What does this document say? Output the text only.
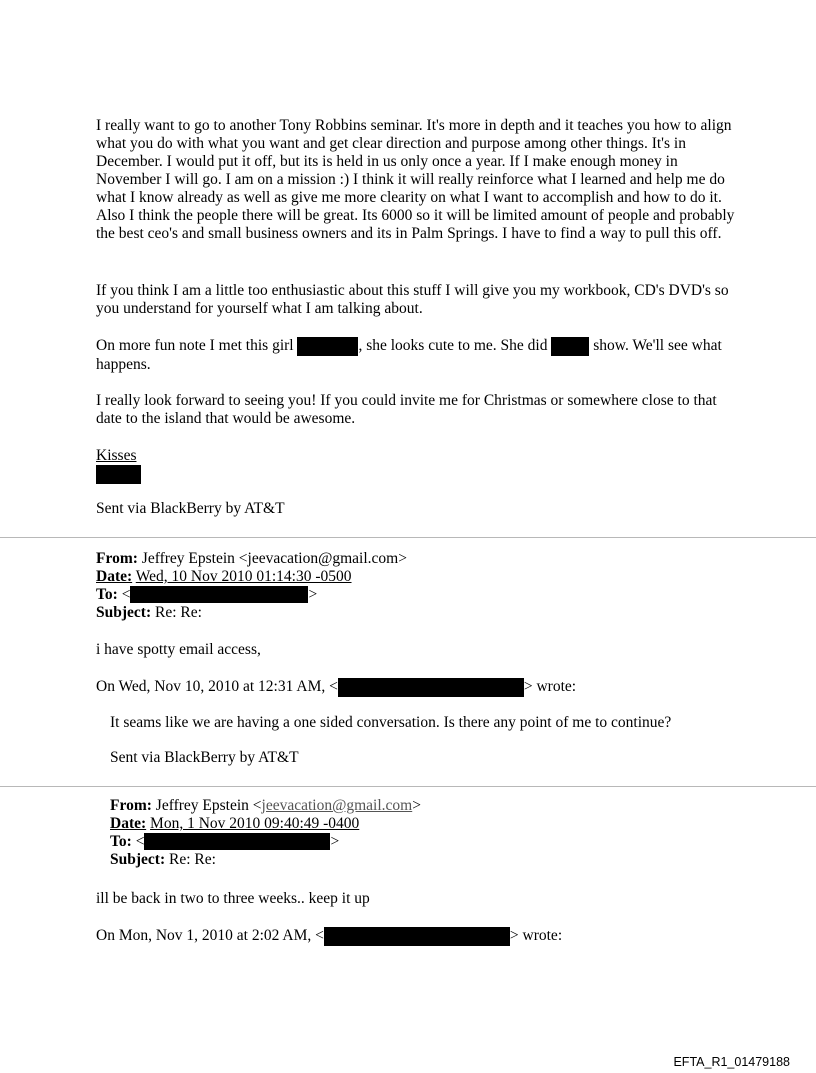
I really want to go to another Tony Robbins seminar. It's more in depth and it teaches you how to align what you do with what you want and get clear direction and purpose among other things. It's in December. I would put it off, but its is held in us only once a year. If I make enough money in November I will go. I am on a mission :) I think it will really reinforce what I learned and help me do what I know already as well as give me more clearity on what I want to accomplish and how to do it. Also I think the people there will be great. Its 6000 so it will be limited amount of people and probably the best ceo's and small business owners and its in Palm Springs. I have to find a way to pull this off.

If you think I am a little too enthusiastic about this stuff I will give you my workbook, CD's DVD's so you understand for yourself what I am talking about.

On more fun note I met this girl	, she looks cute to me. She did	show. We'll see what happens.

I really look forward to seeing you! If you could invite me for Christmas or somewhere close to that date to the island that would be awesome.

Kisses

Sent via BlackBerry by AT&T

From: Jeffrey Epstein <jeevacation@gmail.com>
Date: Wed, 10 Nov 2010 01:14:30 -0500
To: <	>
Subject: Re: Re:

i have spotty email access,

On Wed, Nov 10, 2010 at 12:31 AM, <	> wrote:

It seams like we are having a one sided conversation. Is there any point of me to continue?

Sent via BlackBerry by AT&T

From: Jeffrey Epstein <jeevacation@gmail.com>
Date: Mon, 1 Nov 2010 09:40:49 -0400
To: <	>
Subject: Re: Re:

ill be back in two to three weeks.. keep it up

On Mon, Nov 1, 2010 at 2:02 AM, <	> wrote:

EFTA_R1_01479188
